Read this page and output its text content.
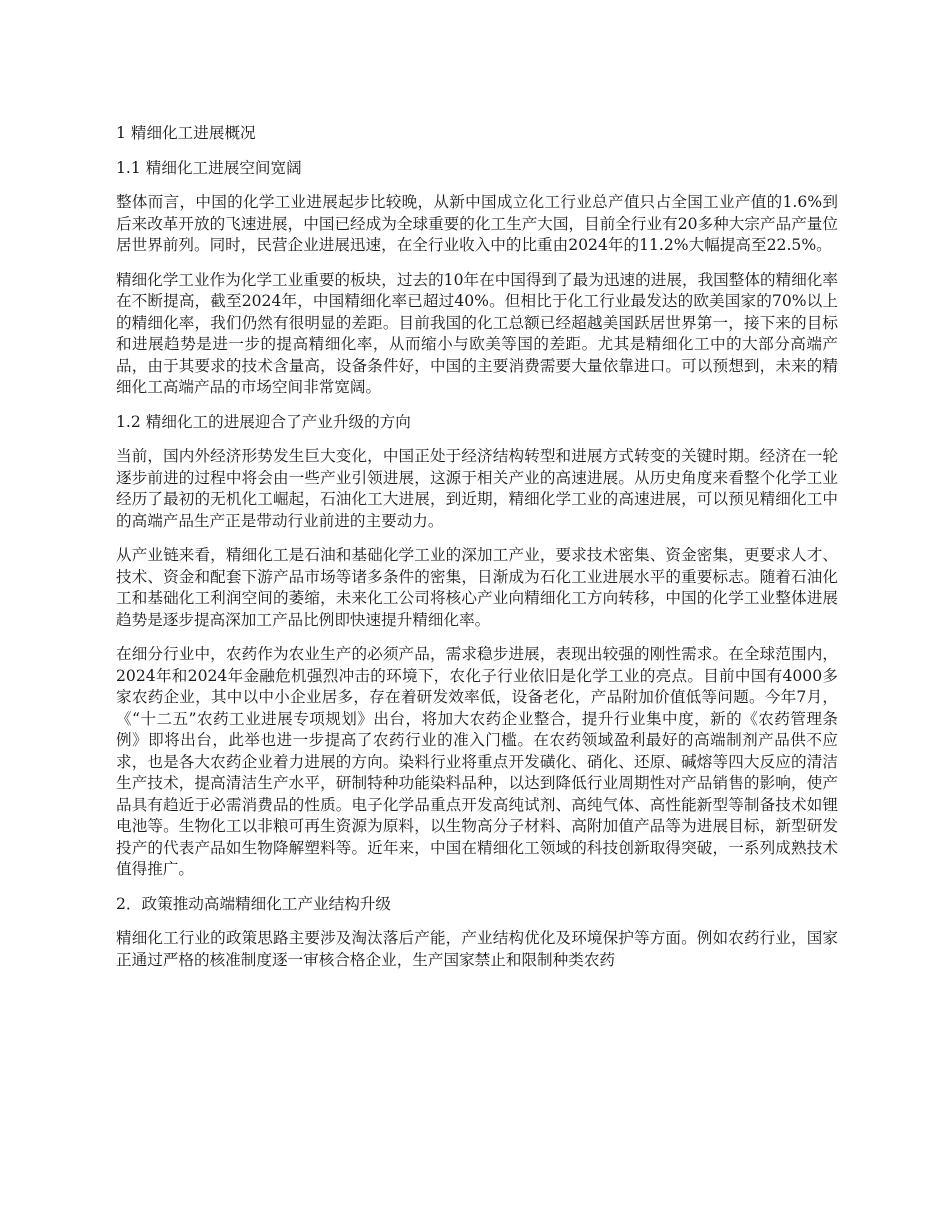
1 精细化工进展概况
1.1 精细化工进展空间宽阔

整体而言，中国的化学工业进展起步比较晚，从新中国成立化工行业总产值只占全国工业产值的1.6%到后来改革开放的飞速进展，中国已经成为全球重要的化工生产大国，目前全行业有20多种大宗产品产量位居世界前列。同时，民营企业进展迅速，在全行业收入中的比重由2024年的11.2%大幅提高至22.5%。

精细化学工业作为化学工业重要的板块，过去的10年在中国得到了最为迅速的进展，我国整体的精细化率在不断提高，截至2024年，中国精细化率已超过40%。但相比于化工行业最发达的欧美国家的70%以上的精细化率，我们仍然有很明显的差距。目前我国的化工总额已经超越美国跃居世界第一，接下来的目标和进展趋势是进一步的提高精细化率，从而缩小与欧美等国的差距。尤其是精细化工中的大部分高端产品，由于其要求的技术含量高，设备条件好，中国的主要消费需要大量依靠进口。可以预想到，未来的精细化工高端产品的市场空间非常宽阔。

1.2 精细化工的进展迎合了产业升级的方向

当前，国内外经济形势发生巨大变化，中国正处于经济结构转型和进展方式转变的关键时期。经济在一轮逐步前进的过程中将会由一些产业引领进展，这源于相关产业的高速进展。从历史角度来看整个化学工业经历了最初的无机化工崛起，石油化工大进展，到近期，精细化学工业的高速进展，可以预见精细化工中的高端产品生产正是带动行业前进的主要动力。

从产业链来看，精细化工是石油和基础化学工业的深加工产业，要求技术密集、资金密集，更要求人才、技术、资金和配套下游产品市场等诸多条件的密集，日渐成为石化工业进展水平的重要标志。随着石油化工和基础化工利润空间的萎缩，未来化工公司将核心产业向精细化工方向转移，中国的化学工业整体进展趋势是逐步提高深加工产品比例即快速提升精细化率。

在细分行业中，农药作为农业生产的必须产品，需求稳步进展，表现出较强的刚性需求。在全球范围内，2024年和2024年金融危机强烈冲击的环境下，农化子行业依旧是化学工业的亮点。目前中国有4000多家农药企业，其中以中小企业居多，存在着研发效率低，设备老化，产品附加价值低等问题。今年7月，《“十二五”农药工业进展专项规划》出台，将加大农药企业整合，提升行业集中度，新的《农药管理条例》即将出台，此举也进一步提高了农药行业的准入门槛。在农药领域盈利最好的高端制剂产品供不应求，也是各大农药企业着力进展的方向。染料行业将重点开发磺化、硝化、还原、碱熔等四大反应的清洁生产技术，提高清洁生产水平，研制特种功能染料品种，以达到降低行业周期性对产品销售的影响，使产品具有趋近于必需消费品的性质。电子化学品重点开发高纯试剂、高纯气体、高性能新型等制备技术如锂电池等。生物化工以非粮可再生资源为原料，以生物高分子材料、高附加值产品等为进展目标，新型研发投产的代表产品如生物降解塑料等。近年来，中国在精细化工领域的科技创新取得突破，一系列成熟技术值得推广。

2．政策推动高端精细化工产业结构升级

精细化工行业的政策思路主要涉及淘汰落后产能，产业结构优化及环境保护等方面。例如农药行业，国家正通过严格的核准制度逐一审核合格企业，生产国家禁止和限制种类农药
